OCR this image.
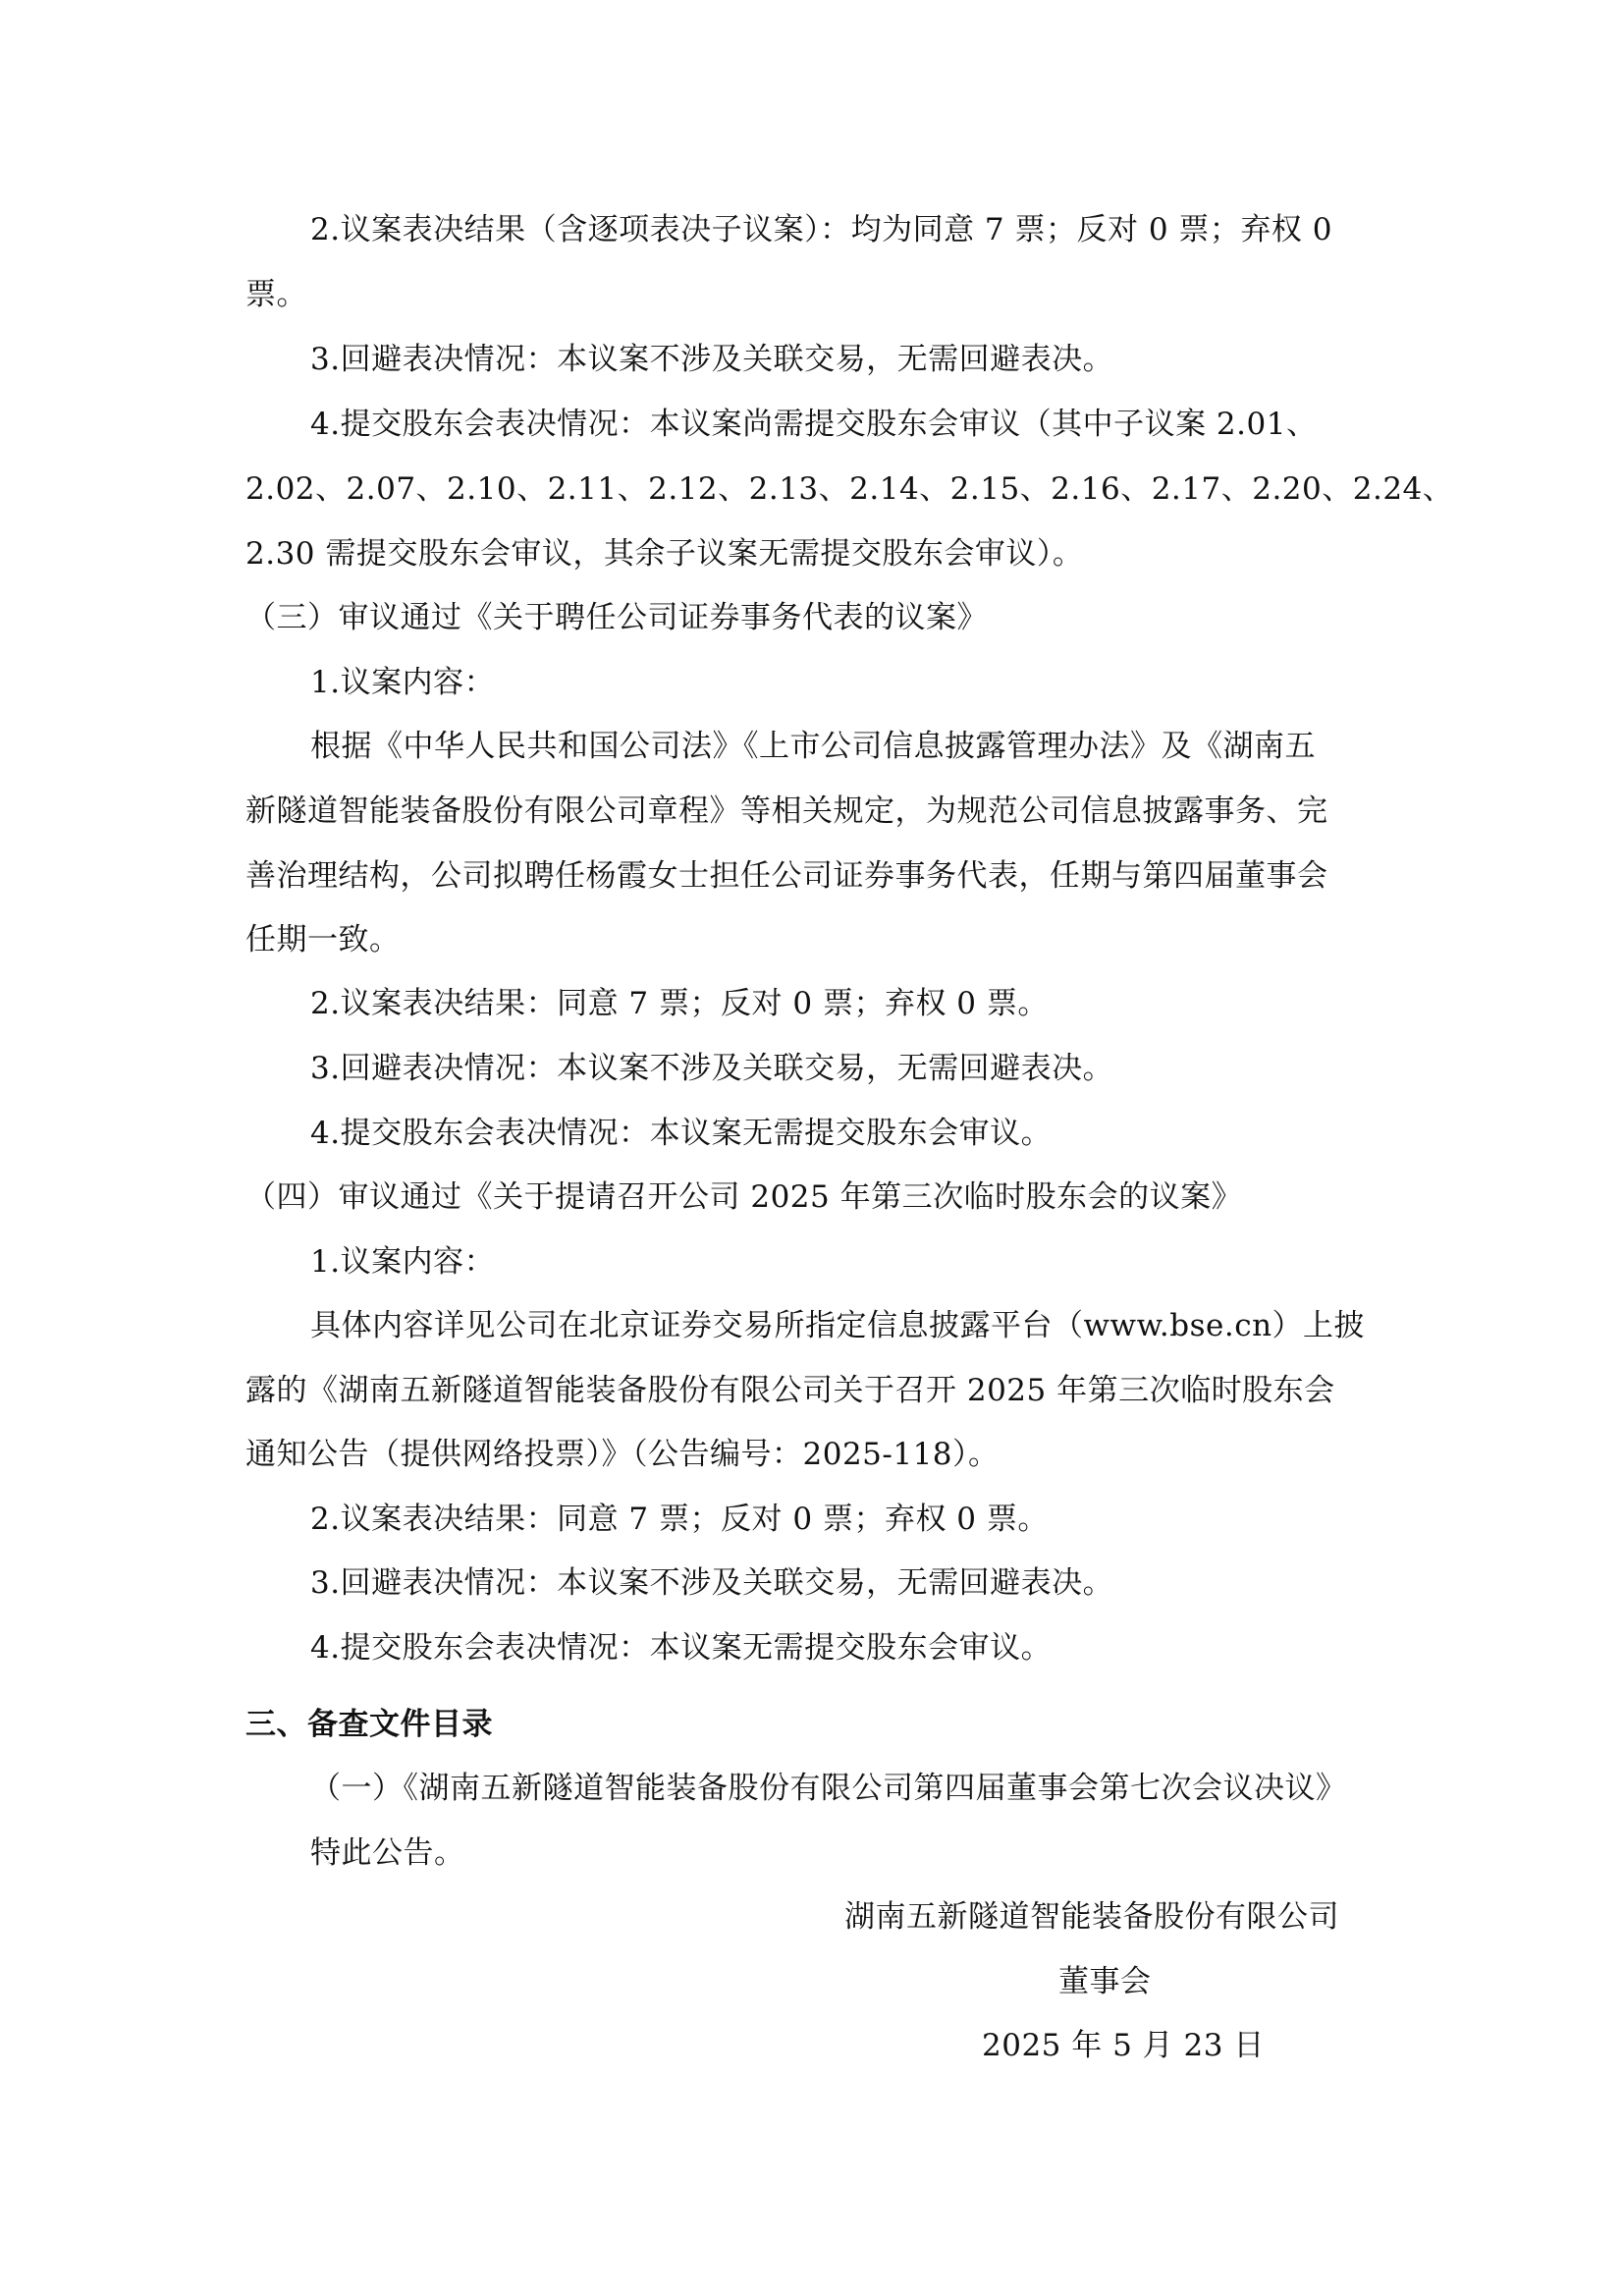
2.议案表决结果（含逐项表决子议案）：均为同意 7 票；反对 0 票；弃权 0
票。
3.回避表决情况：本议案不涉及关联交易，无需回避表决。
4.提交股东会表决情况：本议案尚需提交股东会审议（其中子议案 2.01、
2.02、2.07、2.10、2.11、2.12、2.13、2.14、2.15、2.16、2.17、2.20、2.24、
2.30 需提交股东会审议，其余子议案无需提交股东会审议）。
（三）审议通过《关于聘任公司证券事务代表的议案》
1.议案内容：
根据《中华人民共和国公司法》《上市公司信息披露管理办法》及《湖南五
新隧道智能装备股份有限公司章程》等相关规定，为规范公司信息披露事务、完
善治理结构，公司拟聘任杨霞女士担任公司证券事务代表，任期与第四届董事会
任期一致。
2.议案表决结果：同意 7 票；反对 0 票；弃权 0 票。
3.回避表决情况：本议案不涉及关联交易，无需回避表决。
4.提交股东会表决情况：本议案无需提交股东会审议。
（四）审议通过《关于提请召开公司 2025 年第三次临时股东会的议案》
1.议案内容：
具体内容详见公司在北京证券交易所指定信息披露平台（www.bse.cn）上披
露的《湖南五新隧道智能装备股份有限公司关于召开 2025 年第三次临时股东会
通知公告（提供网络投票）》（公告编号：2025-118）。
2.议案表决结果：同意 7 票；反对 0 票；弃权 0 票。
3.回避表决情况：本议案不涉及关联交易，无需回避表决。
4.提交股东会表决情况：本议案无需提交股东会审议。
三、备查文件目录
（一）《湖南五新隧道智能装备股份有限公司第四届董事会第七次会议决议》
特此公告。
湖南五新隧道智能装备股份有限公司
董事会
2025 年 5 月 23 日
